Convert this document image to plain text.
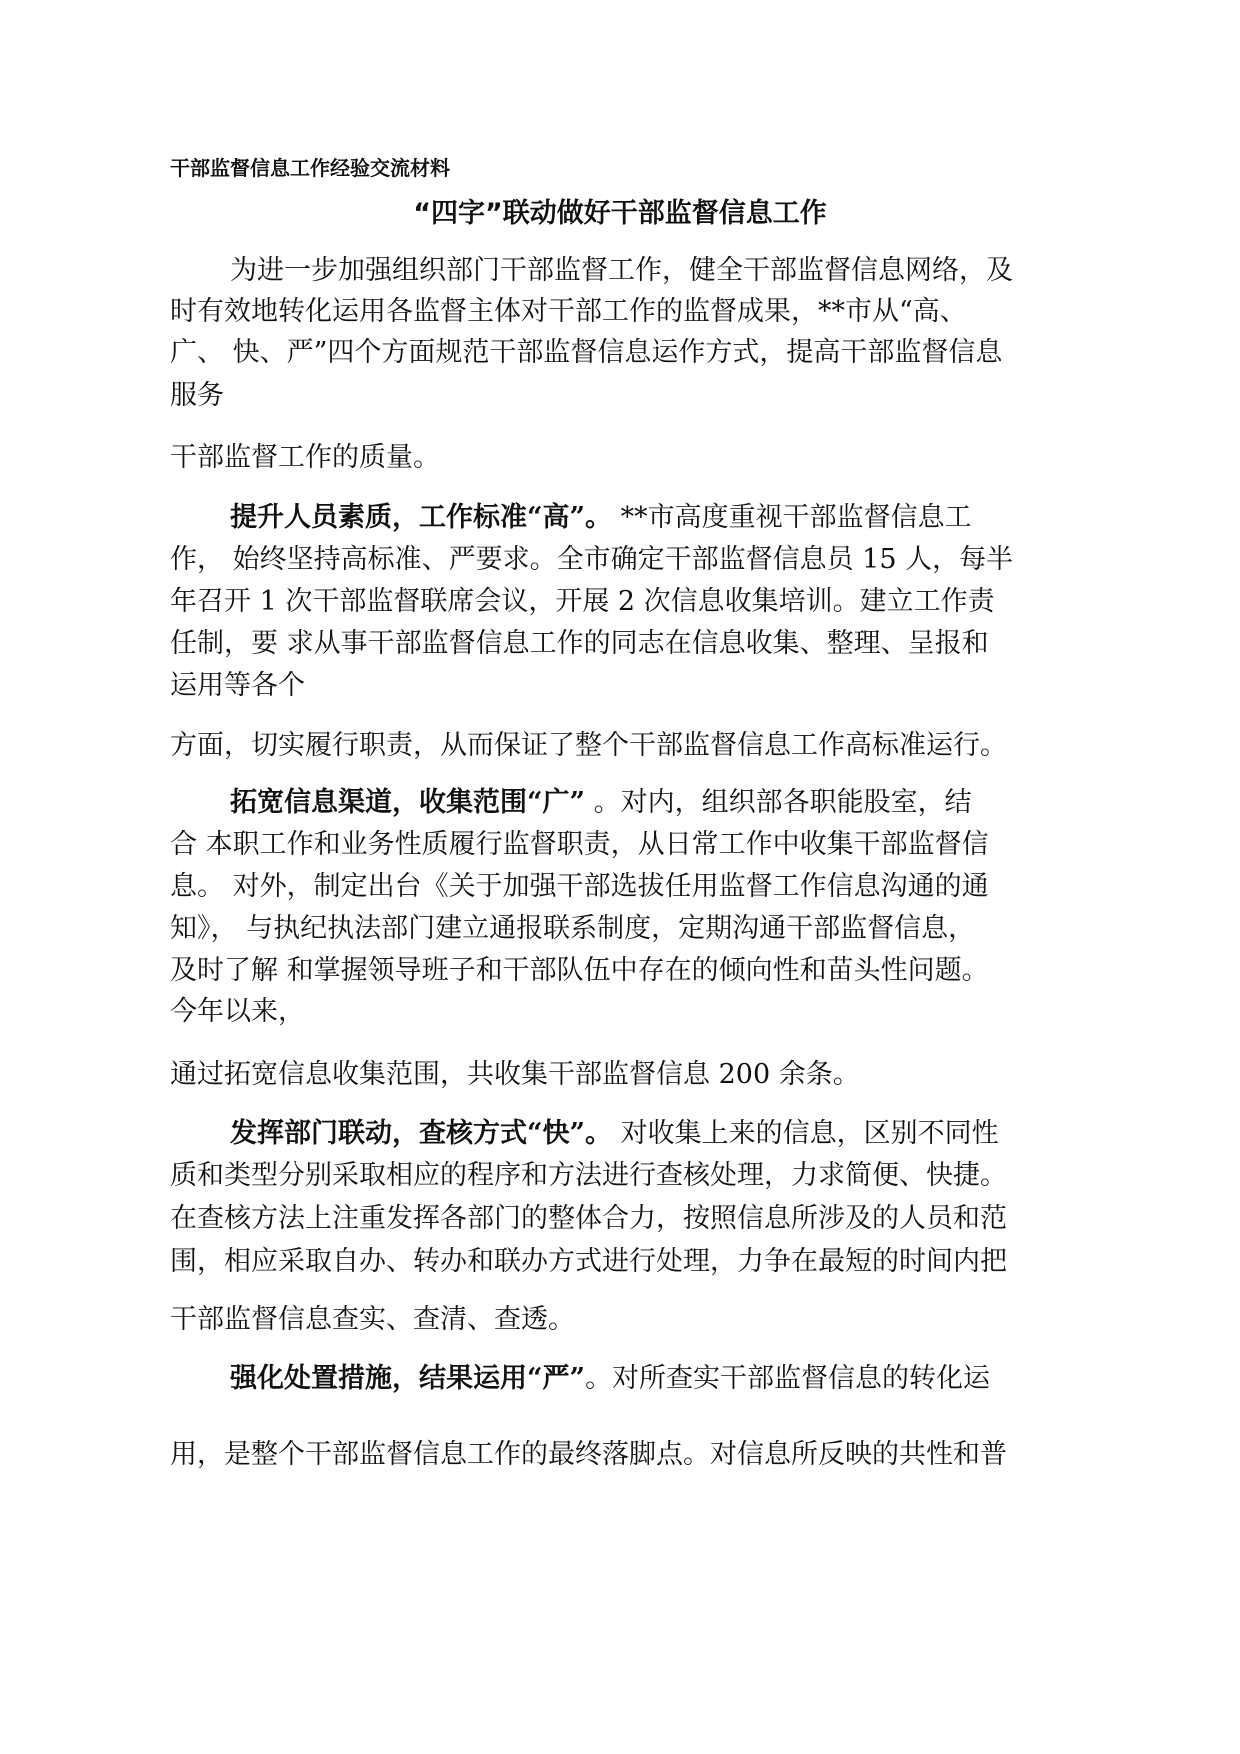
干部监督信息工作经验交流材料
“四字”联动做好干部监督信息工作
为进一步加强组织部门干部监督工作，健全干部监督信息网络，及
时有效地转化运用各监督主体对干部工作的监督成果，**市从“高、
广、 快、严”四个方面规范干部监督信息运作方式，提高干部监督信息
服务
干部监督工作的质量。
提升人员素质，工作标准“高”。 **市高度重视干部监督信息工
作， 始终坚持高标准、严要求。全市确定干部监督信息员 15 人，每半
年召开 1 次干部监督联席会议，开展 2 次信息收集培训。建立工作责
任制，要 求从事干部监督信息工作的同志在信息收集、整理、呈报和
运用等各个
方面，切实履行职责，从而保证了整个干部监督信息工作高标准运行。
拓宽信息渠道，收集范围“广” 。对内，组织部各职能股室，结
合 本职工作和业务性质履行监督职责，从日常工作中收集干部监督信
息。 对外，制定出台《关于加强干部选拔任用监督工作信息沟通的通
知》， 与执纪执法部门建立通报联系制度，定期沟通干部监督信息，
及时了解 和掌握领导班子和干部队伍中存在的倾向性和苗头性问题。
今年以来，
通过拓宽信息收集范围，共收集干部监督信息 200 余条。
发挥部门联动，查核方式“快”。 对收集上来的信息，区别不同性
质和类型分别采取相应的程序和方法进行查核处理，力求简便、快捷。
在查核方法上注重发挥各部门的整体合力，按照信息所涉及的人员和范
围，相应采取自办、转办和联办方式进行处理，力争在最短的时间内把
干部监督信息查实、查清、查透。
强化处置措施，结果运用“严”。对所查实干部监督信息的转化运
用，是整个干部监督信息工作的最终落脚点。对信息所反映的共性和普
